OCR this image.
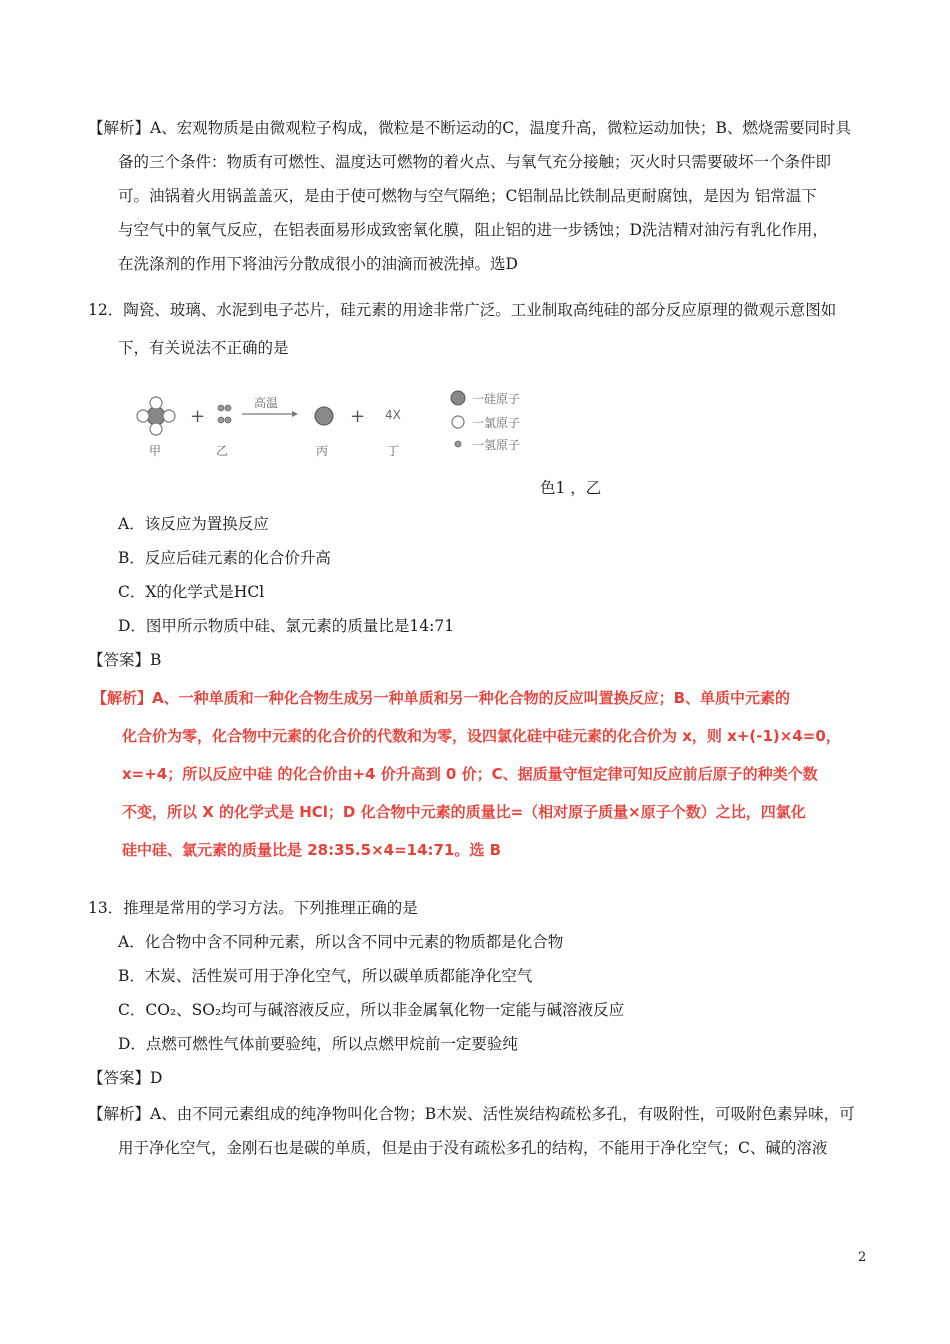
【解析】A、宏观物质是由微观粒子构成，微粒是不断运动的C，温度升高，微粒运动加快；B、燃烧需要同时具
备的三个条件：物质有可燃性、温度达可燃物的着火点、与氧气充分接触；灭火时只需要破坏一个条件即
可。油锅着火用锅盖盖灭，是由于使可燃物与空气隔绝；C铝制品比铁制品更耐腐蚀，是因为 铝常温下
与空气中的氧气反应，在铝表面易形成致密氧化膜，阻止铝的进一步锈蚀；D洗洁精对油污有乳化作用，
在洗涤剂的作用下将油污分散成很小的油滴而被洗掉。选D
12．陶瓷、玻璃、水泥到电子芯片，硅元素的用途非常广泛。工业制取高纯硅的部分反应原理的微观示意图如
下，有关说法不正确的是
+	+
甲	乙
高温
丙
4X
丁
一硅原子
一氯原子
一氢原子
色1 ，乙
A．该反应为置换反应
B．反应后硅元素的化合价升高
C．X的化学式是HCl
D．图甲所示物质中硅、氯元素的质量比是14:71
【答案】B
【解析】A、一种单质和一种化合物生成另一种单质和另一种化合物的反应叫置换反应；B、单质中元素的
化合价为零，化合物中元素的化合价的代数和为零，设四氯化硅中硅元素的化合价为 x，则 x+(-1)×4=0，
x=+4；所以反应中硅 的化合价由+4 价升高到 0 价；C、据质量守恒定律可知反应前后原子的种类个数
不变，所以 X 的化学式是 HCl；D 化合物中元素的质量比=（相对原子质量×原子个数）之比，四氯化
硅中硅、氯元素的质量比是 28:35.5×4=14:71。选 B
13．推理是常用的学习方法。下列推理正确的是
A．化合物中含不同种元素，所以含不同中元素的物质都是化合物
B．木炭、活性炭可用于净化空气，所以碳单质都能净化空气
C．CO₂、SO₂均可与碱溶液反应，所以非金属氧化物一定能与碱溶液反应
D．点燃可燃性气体前要验纯，所以点燃甲烷前一定要验纯
【答案】D
【解析】A、由不同元素组成的纯净物叫化合物；B木炭、活性炭结构疏松多孔，有吸附性，可吸附色素异味，可
用于净化空气，金刚石也是碳的单质，但是由于没有疏松多孔的结构，不能用于净化空气；C、碱的溶液
2
